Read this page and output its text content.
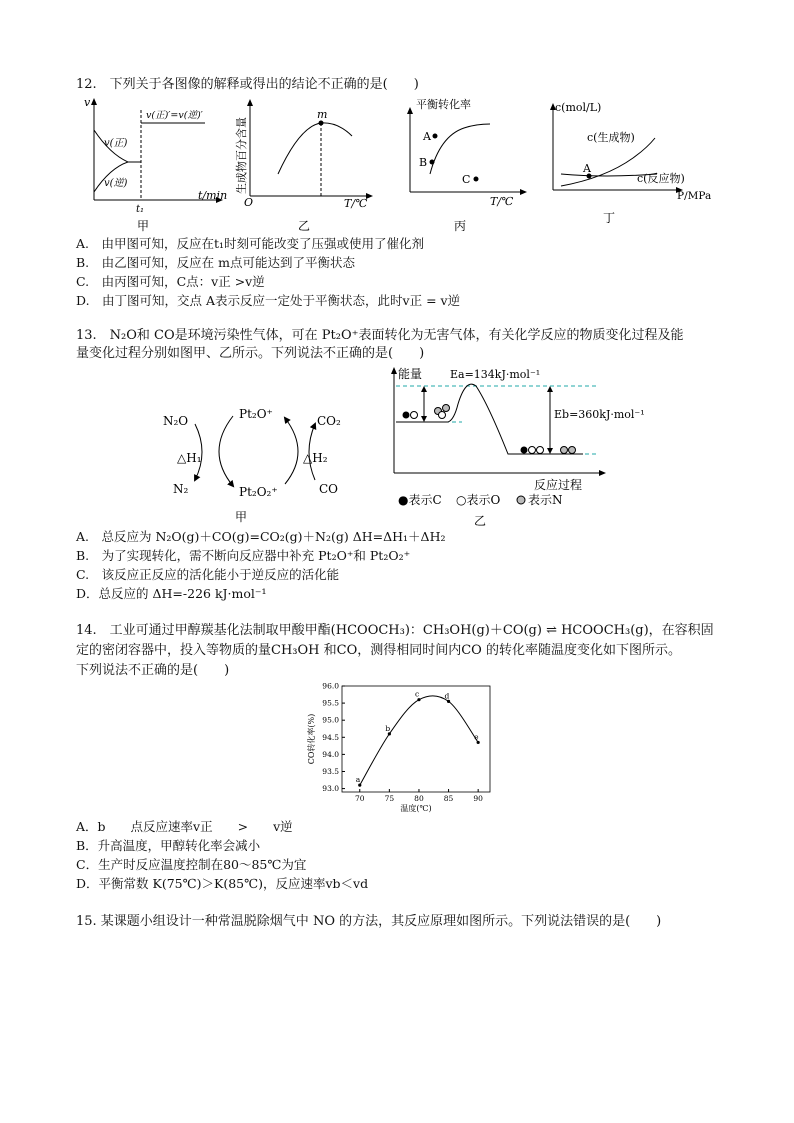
12.　下列关于各图像的解释或得出的结论不正确的是(　　)
v
t/min
v(正)
v(逆)
v(正)′=v(逆)′
t₁
甲
O	T/℃
生成物百分含量
m
乙
平衡转化率
T/℃
A
B
C
丙
c(mol/L)
P/MPa
A
c(生成物)
c(反应物)
丁
A.　由甲图可知，反应在t₁时刻可能改变了压强或使用了催化剂
B.　由乙图可知，反应在 m点可能达到了平衡状态
C.　由丙图可知，C点：v正 >v逆
D.　由丁图可知，交点 A表示反应一定处于平衡状态，此时v正 = v逆
13.　N₂O和 CO是环境污染性气体，可在 Pt₂O⁺表面转化为无害气体，有关化学反应的物质变化过程及能
量变化过程分别如图甲、乙所示。下列说法不正确的是(　　)
N₂O
N₂
Pt₂O⁺
Pt₂O₂⁺
CO₂
CO
△H₁	△H₂
甲
能量
反应过程
Ea=134kJ·mol⁻¹
Eb=360kJ·mol⁻¹
●表示C ○表示O 表示N
乙
A.　总反应为 N₂O(g)＋CO(g)=CO₂(g)＋N₂(g) ΔH=ΔH₁＋ΔH₂
B.　为了实现转化，需不断向反应器中补充 Pt₂O⁺和 Pt₂O₂⁺
C.　该反应正反应的活化能小于逆反应的活化能
D．总反应的 ΔH=-226 kJ·mol⁻¹
14.　工业可通过甲醇羰基化法制取甲酸甲酯(HCOOCH₃)：CH₃OH(g)＋CO(g) ⇌ HCOOCH₃(g)，在容积固
定的密闭容器中，投入等物质的量CH₃OH 和CO，测得相同时间内CO 的转化率随温度变化如下图所示。
下列说法不正确的是(　　)
70	75	80	85	90
93.0
93.5
94.0
94.5
95.0
95.5
96.0
a
b
c	d
e
温度(℃)
CO转化率(%)
A．b　　点反应速率v正　　>　　v逆
B．升高温度，甲醇转化率会减小
C．生产时反应温度控制在80～85℃为宜
D．平衡常数 K(75℃)＞K(85℃)，反应速率vb＜vd
15. 某课题小组设计一种常温脱除烟气中 NO 的方法，其反应原理如图所示。下列说法错误的是(　　)
